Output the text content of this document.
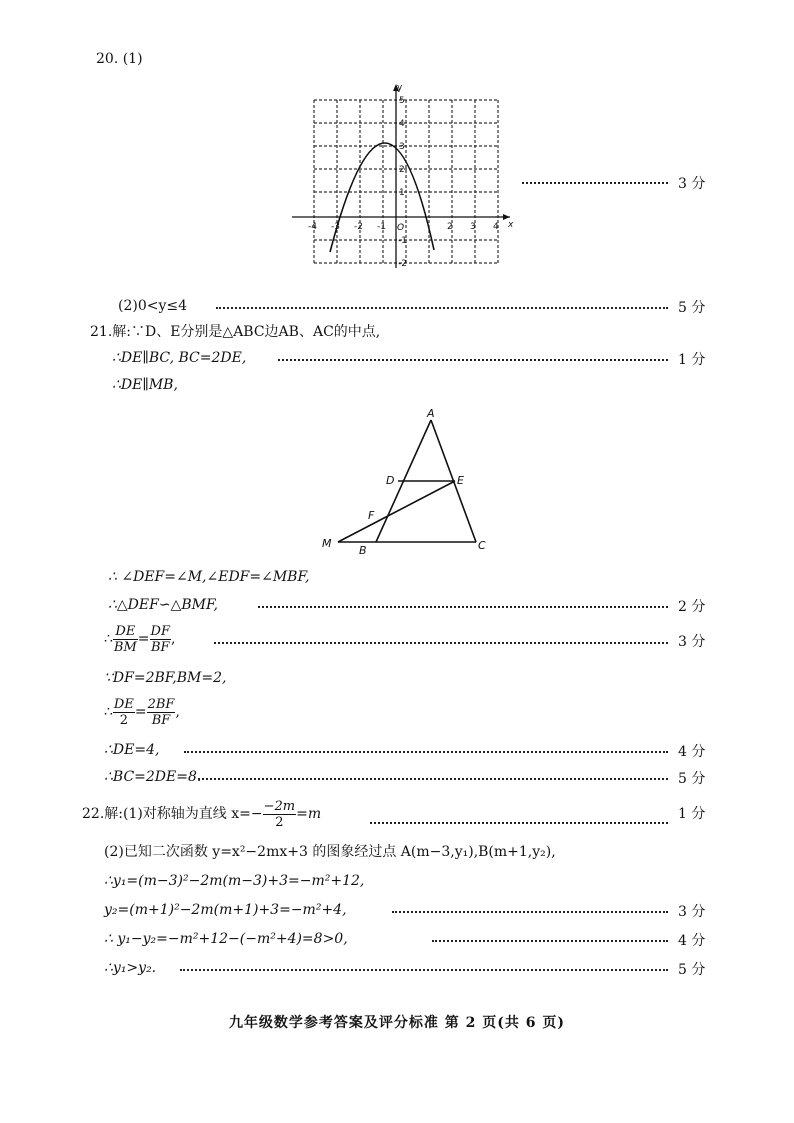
20. (1)
y
x
O
5
4
3
2
1
-1
-2
-4 -3 -2 -1	2 3 4
3 分
(2)0<y≤4	5 分
21.解:∵D、E分别是△ABC边AB、AC的中点,
∴DE∥BC, BC=2DE,	1 分
∴DE∥MB,
A
D	E
F
M
B	C
∴ ∠DEF=∠M,∠EDF=∠MBF,
∴△DEF∽△BMF,	2 分
∴ $\frac{DE}{BM} = \frac{DF}{BF}$ ,	3 分
∵DF=2BF,BM=2,
∴ $\frac{DE}{2} = \frac{2BF}{BF}$ ,
∴DE=4,	4 分
∴BC=2DE=8.	5 分
22.解:(1)对称轴为直线 $x=- \frac{-2m}{2} =m$	1 分
(2)已知二次函数 y=x²−2mx+3 的图象经过点 A(m−3,y₁),B(m+1,y₂),
∴y₁=(m−3)²−2m(m−3)+3=−m²+12,
y₂=(m+1)²−2m(m+1)+3=−m²+4,	3 分
∴ y₁−y₂=−m²+12−(−m²+4)=8>0,	4 分
∴y₁>y₂.	5 分
九年级数学参考答案及评分标准 第 2 页(共 6 页)
